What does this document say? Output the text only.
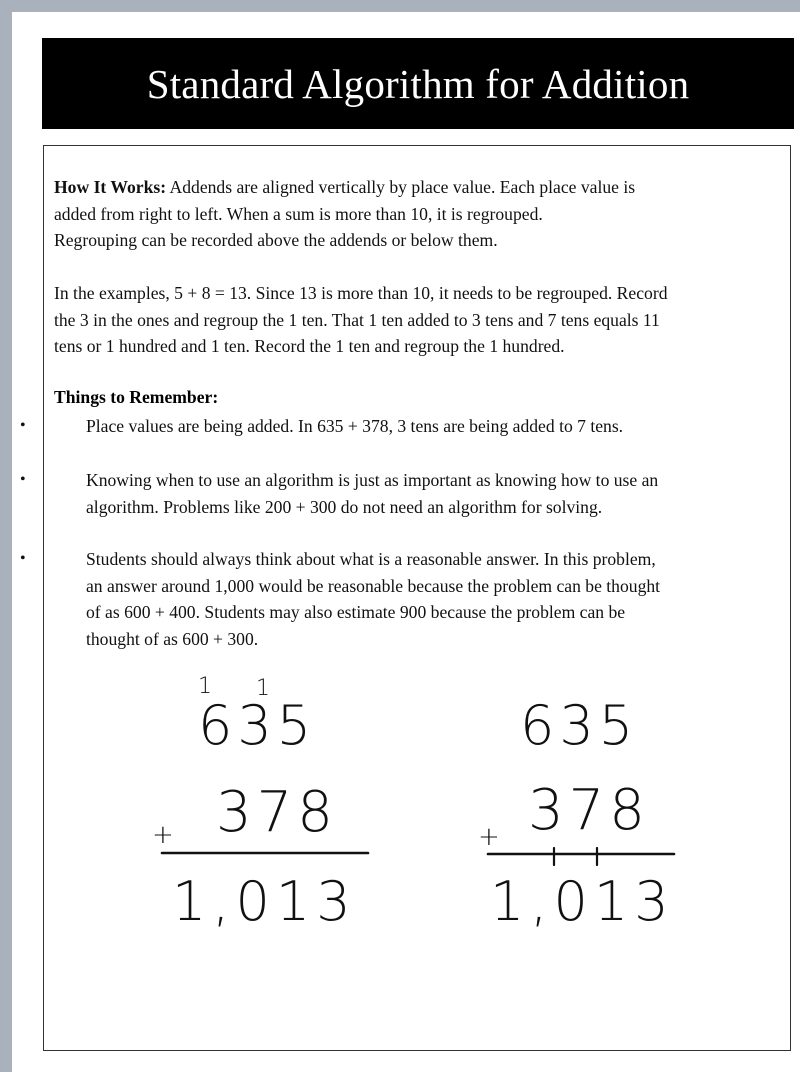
Standard Algorithm for Addition
How It Works: Addends are aligned vertically by place value. Each place value is
added from right to left. When a sum is more than 10, it is regrouped.
Regrouping can be recorded above the addends or below them.
In the examples, 5 + 8 = 13. Since 13 is more than 10, it needs to be regrouped. Record
the 3 in the ones and regroup the 1 ten. That 1 ten added to 3 tens and 7 tens equals 11
tens or 1 hundred and 1 ten. Record the 1 ten and regroup the 1 hundred.
Things to Remember:
•	Place values are being added. In 635 + 378, 3 tens are being added to 7 tens.
•	Knowing when to use an algorithm is just as important as knowing how to use an
algorithm. Problems like 200 + 300 do not need an algorithm for solving.
•	Students should always think about what is a reasonable answer. In this problem,
an answer around 1,000 would be reasonable because the problem can be thought
of as 600 + 400. Students may also estimate 900 because the problem can be
thought of as 600 + 300.
1 1
635
+ 378
1,013
635
+ 378
1,013
